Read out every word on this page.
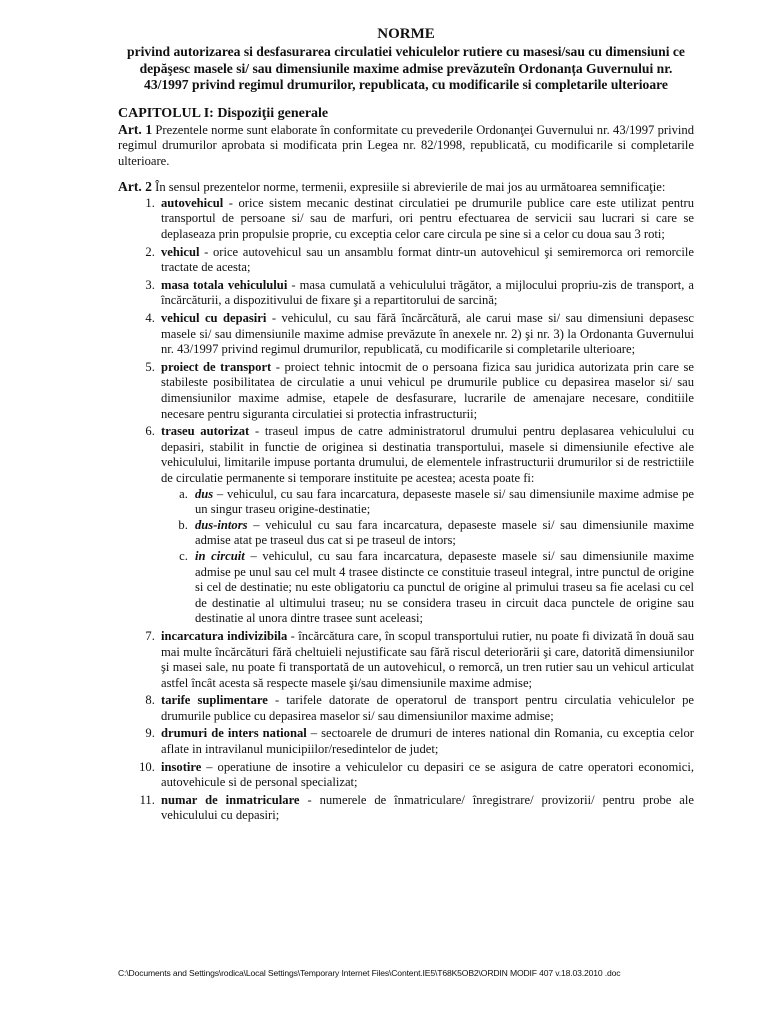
NORME
privind autorizarea si desfasurarea circulatiei vehiculelor rutiere cu masesi/sau cu dimensiuni ce depăşesc masele si/ sau dimensiunile maxime admise prevăzuteîn Ordonanța Guvernului nr. 43/1997 privind regimul drumurilor, republicata, cu modificarile si completarile ulterioare
CAPITOLUL I: Dispoziţii generale

Art. 1 Prezentele norme sunt elaborate în conformitate cu prevederile Ordonanţei Guvernului nr. 43/1997 privind regimul drumurilor aprobata si modificata prin Legea nr. 82/1998, republicată, cu modificarile si completarile ulterioare.

Art. 2 În sensul prezentelor norme, termenii, expresiile si abrevierile de mai jos au următoarea semnificaţie:

1. autovehicul - orice sistem mecanic destinat circulatiei pe drumurile publice care este utilizat pentru transportul de persoane si/ sau de marfuri, ori pentru efectuarea de servicii sau lucrari si care se deplaseaza prin propulsie proprie, cu exceptia celor care circula pe sine si a celor cu doua sau 3 roti;
2. vehicul - orice autovehicul sau un ansamblu format dintr-un autovehicul şi semiremorca ori remorcile tractate de acesta;
3. masa totala vehiculului - masa cumulată a vehiculului trăgător, a mijlocului propriu-zis de transport, a încărcăturii, a dispozitivului de fixare şi a repartitorului de sarcină;
4. vehicul cu depasiri - vehiculul, cu sau fără încărcătură, ale carui mase si/ sau dimensiuni depasesc masele si/ sau dimensiunile maxime admise prevăzute în anexele nr. 2) şi nr. 3) la Ordonanta Guvernului nr. 43/1997 privind regimul drumurilor, republicată, cu modificarile si completarile ulterioare;
5. proiect de transport - proiect tehnic intocmit de o persoana fizica sau juridica autorizata prin care se stabileste posibilitatea de circulatie a unui vehicul pe drumurile publice cu depasirea maselor si/ sau dimensiunilor maxime admise, etapele de desfasurare, lucrarile de amenajare necesare, conditiile necesare pentru siguranta circulatiei si protectia infrastructurii;
6. traseu autorizat - traseul impus de catre administratorul drumului pentru deplasarea vehiculului cu depasiri, stabilit in functie de originea si destinatia transportului, masele si dimensiunile efective ale vehiculului, limitarile impuse portanta drumului, de elementele infrastructurii drumurilor si de restrictiile de circulatie permanente si temporare instituite pe acestea; acesta poate fi:
a. dus – vehiculul, cu sau fara incarcatura, depaseste masele si/ sau dimensiunile maxime admise pe un singur traseu origine-destinatie;
b. dus-intors – vehiculul cu sau fara incarcatura, depaseste masele si/ sau dimensiunile maxime admise atat pe traseul dus cat si pe traseul de intors;
c. in circuit – vehiculul, cu sau fara incarcatura, depaseste masele si/ sau dimensiunile maxime admise pe unul sau cel mult 4 trasee distincte ce constituie traseul integral, intre punctul de origine si cel de destinatie; nu este obligatoriu ca punctul de origine al primului traseu sa fie acelasi cu cel de destinatie al ultimului traseu; nu se considera traseu in circuit daca punctele de origine sau destinatie al unora dintre trasee sunt aceleasi;
7. incarcatura indivizibila - încărcătura care, în scopul transportului rutier, nu poate fi divizată în două sau mai multe încărcături fără cheltuieli nejustificate sau fără riscul deteriorării şi care, datorită dimensiunilor şi masei sale, nu poate fi transportată de un autovehicul, o remorcă, un tren rutier sau un vehicul articulat astfel încât acesta să respecte masele şi/sau dimensiunile maxime admise;
8. tarife suplimentare - tarifele datorate de operatorul de transport pentru circulatia vehiculelor pe drumurile publice cu depasirea maselor si/ sau dimensiunilor maxime admise;
9. drumuri de inters national – sectoarele de drumuri de interes national din Romania, cu exceptia celor aflate in intravilanul municipiilor/resedintelor de judet;
10. insotire – operatiune de insotire a vehiculelor cu depasiri ce se asigura de catre operatori economici, autovehicule si de personal specializat;
11. numar de inmatriculare - numerele de înmatriculare/ înregistrare/ provizorii/ pentru probe ale vehiculului cu depasiri;
C:\Documents and Settings\rodica\Local Settings\Temporary Internet Files\Content.IE5\T68K5OB2\ORDIN MODIF 407 v.18.03.2010 .doc
